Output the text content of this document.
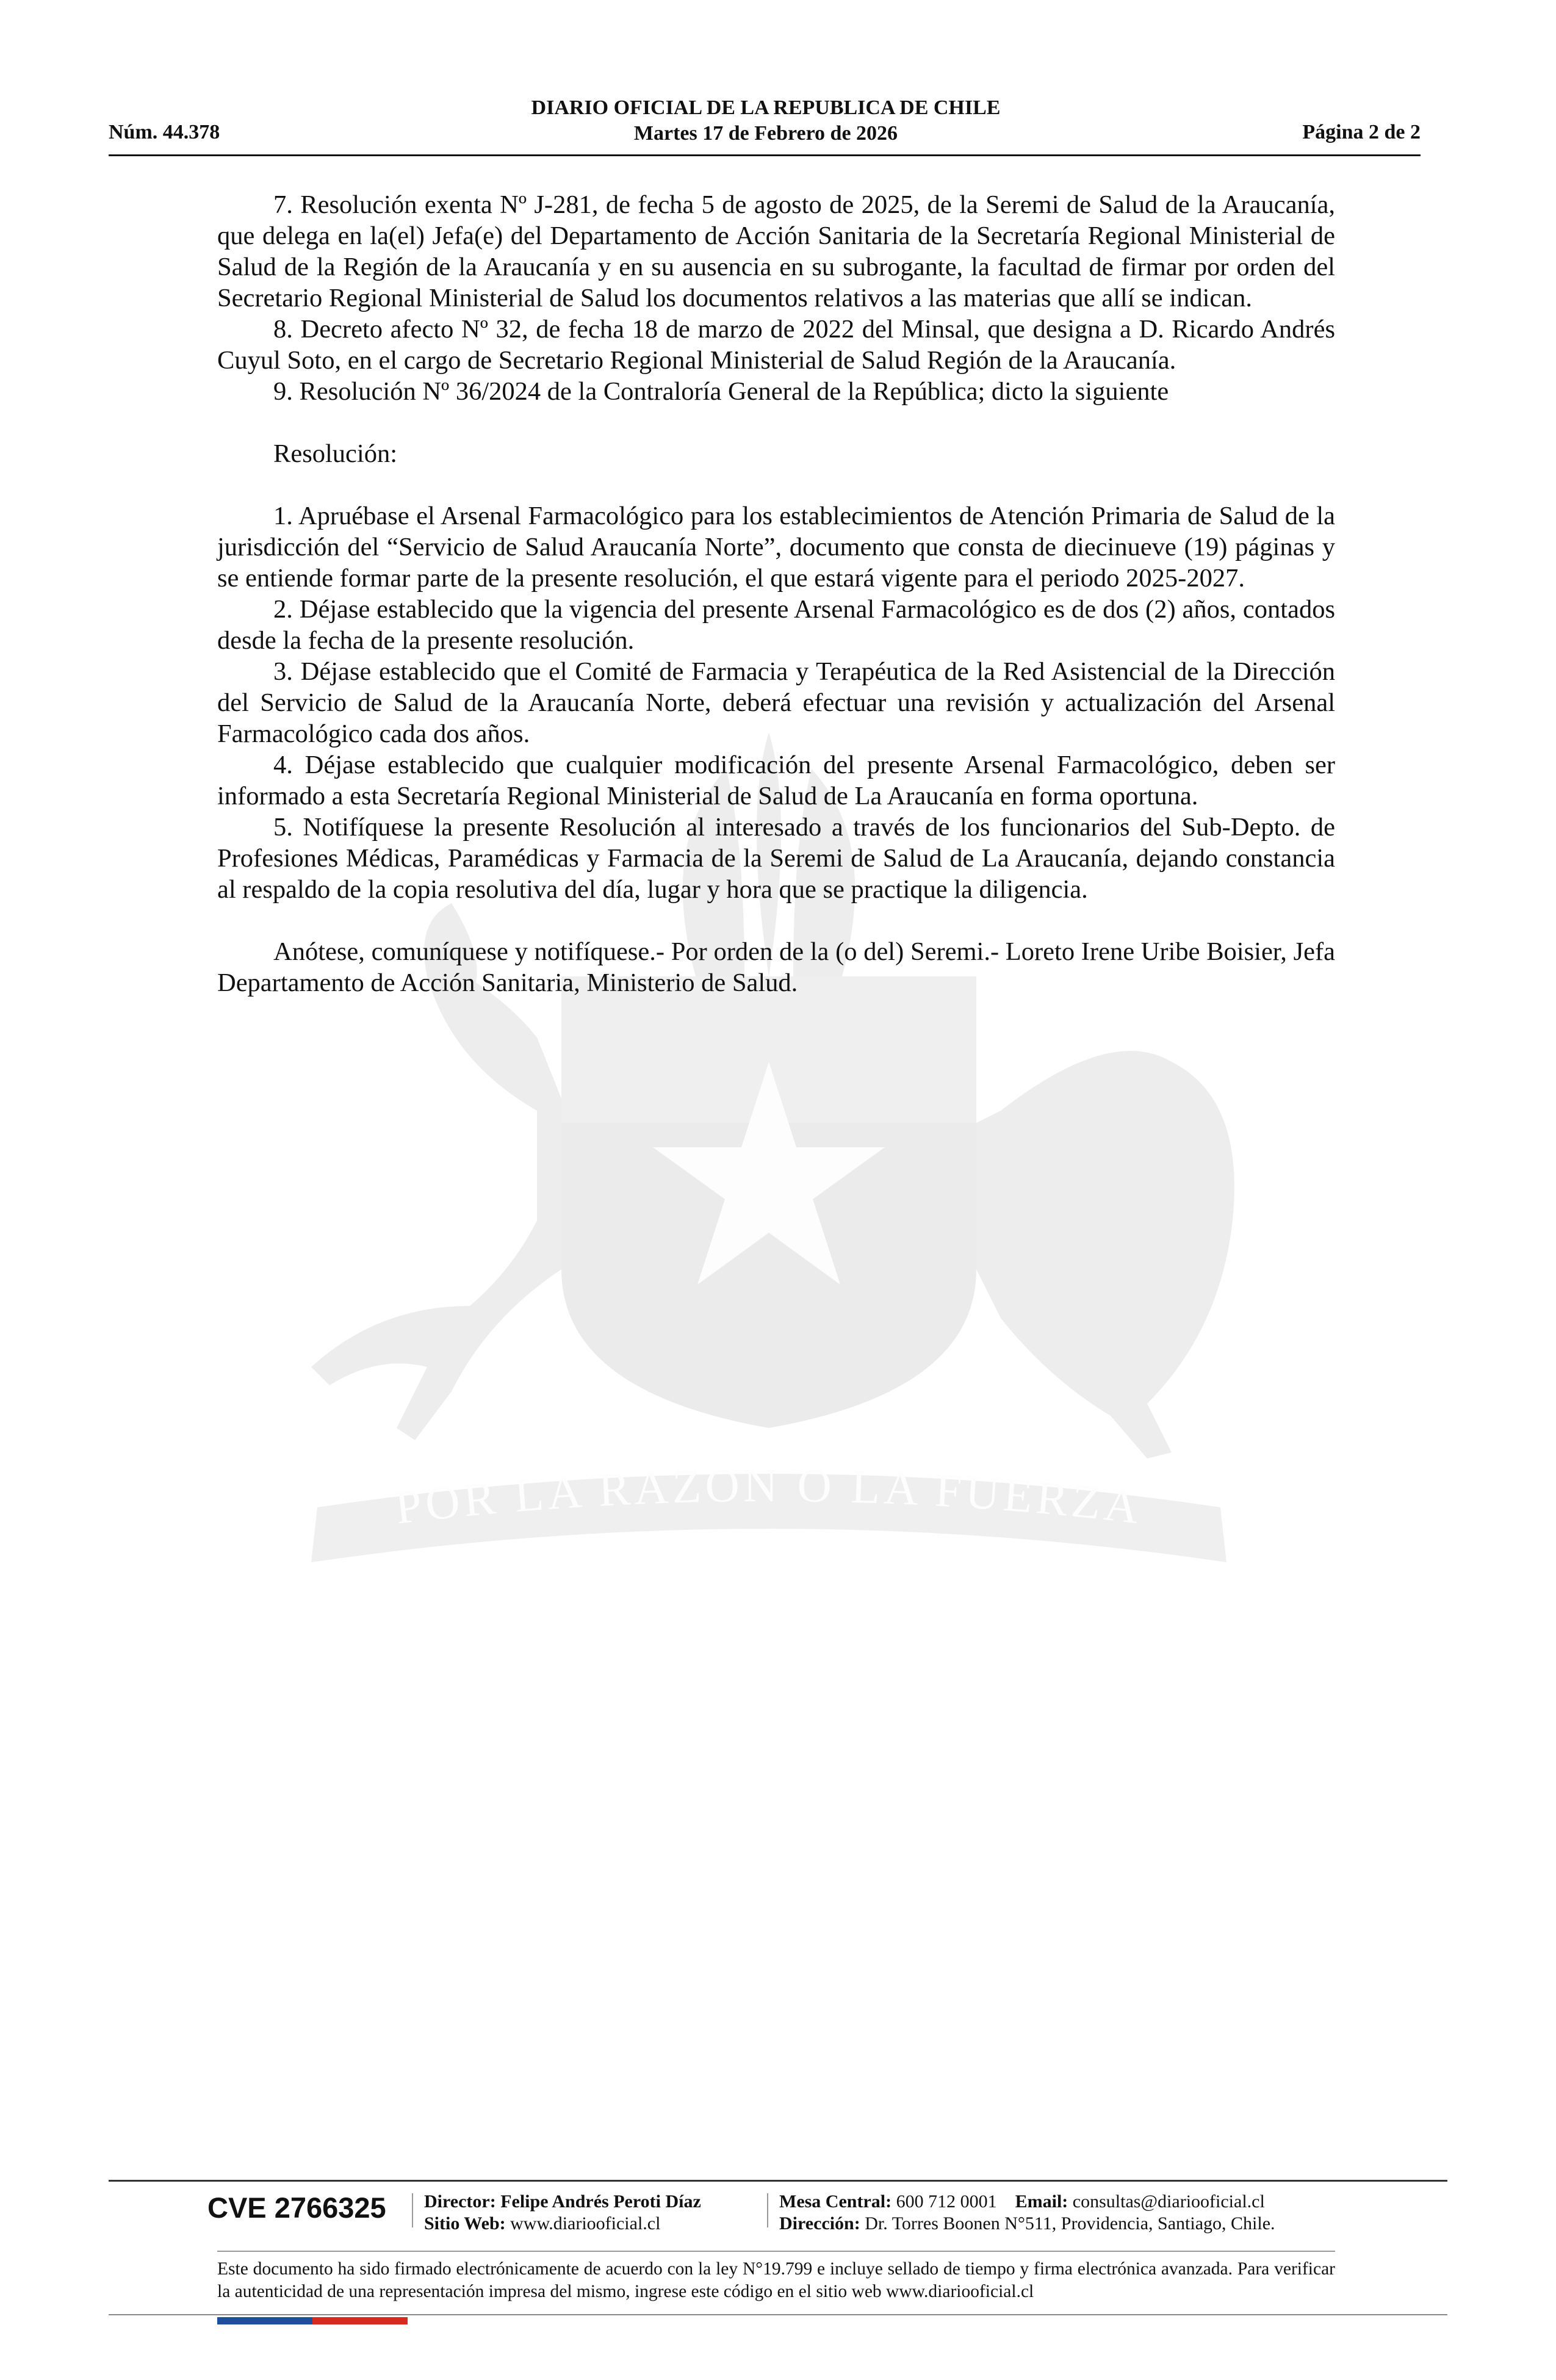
Núm. 44.378
DIARIO OFICIAL DE LA REPUBLICA DE CHILE
Martes 17 de Febrero de 2026	Página 2 de 2
POR LA RAZON O LA FUERZA

7. Resolución exenta Nº J-281, de fecha 5 de agosto de 2025, de la Seremi de Salud de la Araucanía, que delega en la(el) Jefa(e) del Departamento de Acción Sanitaria de la Secretaría Regional Ministerial de Salud de la Región de la Araucanía y en su ausencia en su subrogante, la facultad de firmar por orden del Secretario Regional Ministerial de Salud los documentos relativos a las materias que allí se indican.

8. Decreto afecto Nº 32, de fecha 18 de marzo de 2022 del Minsal, que designa a D. Ricardo Andrés Cuyul Soto, en el cargo de Secretario Regional Ministerial de Salud Región de la Araucanía.

9. Resolución Nº 36/2024 de la Contraloría General de la República; dicto la siguiente

Resolución:

1. Apruébase el Arsenal Farmacológico para los establecimientos de Atención Primaria de Salud de la jurisdicción del “Servicio de Salud Araucanía Norte”, documento que consta de diecinueve (19) páginas y se entiende formar parte de la presente resolución, el que estará vigente para el periodo 2025-2027.

2. Déjase establecido que la vigencia del presente Arsenal Farmacológico es de dos (2) años, contados desde la fecha de la presente resolución.

3. Déjase establecido que el Comité de Farmacia y Terapéutica de la Red Asistencial de la Dirección del Servicio de Salud de la Araucanía Norte, deberá efectuar una revisión y actualización del Arsenal Farmacológico cada dos años.

4. Déjase establecido que cualquier modificación del presente Arsenal Farmacológico, deben ser informado a esta Secretaría Regional Ministerial de Salud de La Araucanía en forma oportuna.

5. Notifíquese la presente Resolución al interesado a través de los funcionarios del Sub-Depto. de Profesiones Médicas, Paramédicas y Farmacia de la Seremi de Salud de La Araucanía, dejando constancia al respaldo de la copia resolutiva del día, lugar y hora que se practique la diligencia.

Anótese, comuníquese y notifíquese.- Por orden de la (o del) Seremi.- Loreto Irene Uribe Boisier, Jefa Departamento de Acción Sanitaria, Ministerio de Salud.

CVE 2766325 Director: Felipe Andrés Peroti Díaz
Sitio Web: www.diariooficial.cl
Mesa Central: 600 712 0001 Email: consultas@diariooficial.cl
Dirección: Dr. Torres Boonen N°511, Providencia, Santiago, Chile.
Este documento ha sido firmado electrónicamente de acuerdo con la ley N°19.799 e incluye sellado de tiempo y firma electrónica avanzada. Para verificar la autenticidad de una representación impresa del mismo, ingrese este código en el sitio web www.diariooficial.cl
